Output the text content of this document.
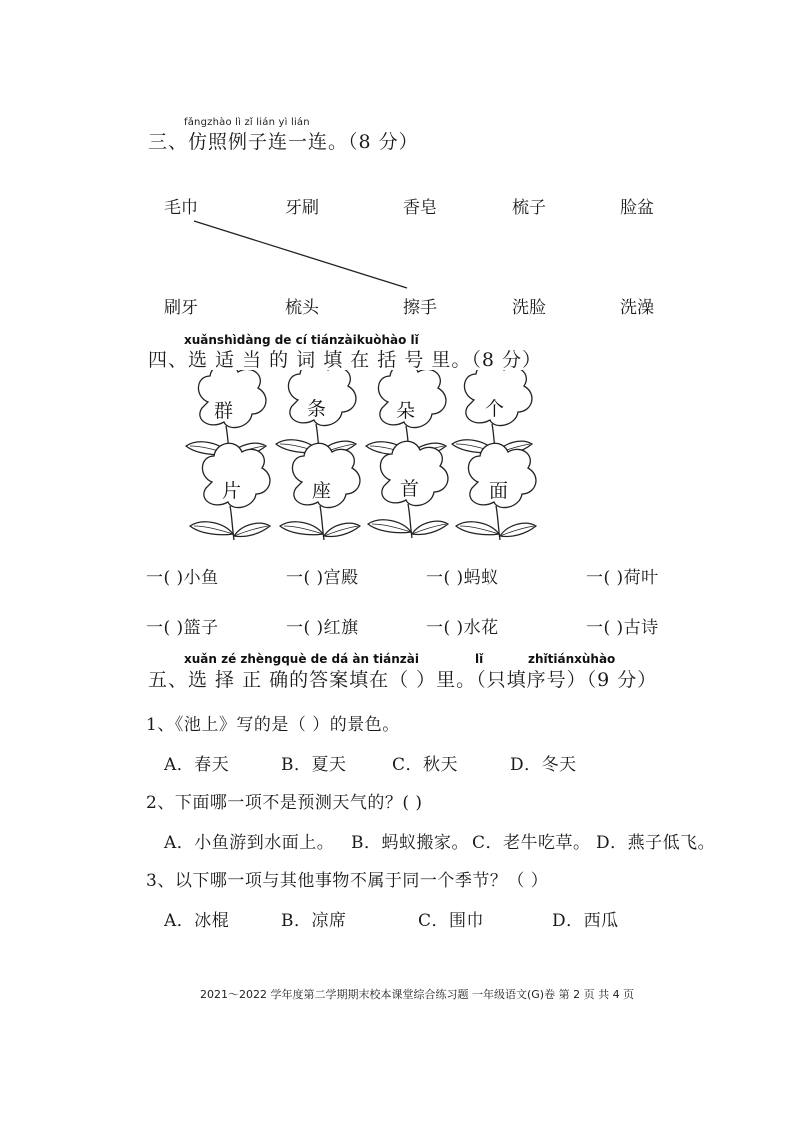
fǎngzhào lì zǐ lián yì lián
三、仿照例子连一连。（8 分）
毛巾	牙刷	香皂	梳子	脸盆
刷牙	梳头	擦手	洗脸	洗澡
xuǎnshìdàng de cí tiánzàikuòhào lǐ
四、选 适 当 的 词 填 在 括 号 里。（8 分）
群	条	朵	个
片	座	首	面
一( )小鱼	一( )宫殿	一( )蚂蚁	一( )荷叶
一( )篮子	一( )红旗	一( )水花	一( )古诗
xuǎn zé zhèngquè de dá àn tiánzài	lǐ	zhǐtiánxùhào
五、选 择 正 确的答案填在（ ）里。（只填序号）（9 分）
1、《池上》写的是（ ）的景色。
A．春天	B．夏天	C．秋天	D．冬天
2、下面哪一项不是预测天气的？( )
A．小鱼游到水面上。 B．蚂蚁搬家。 C．老牛吃草。 D．燕子低飞。
3、以下哪一项与其他事物不属于同一个季节？（ ）
A．冰棍	B．凉席	C．围巾	D．西瓜
2021～2022 学年度第二学期期末校本课堂综合练习题 一年级语文(G)卷 第 2 页 共 4 页
